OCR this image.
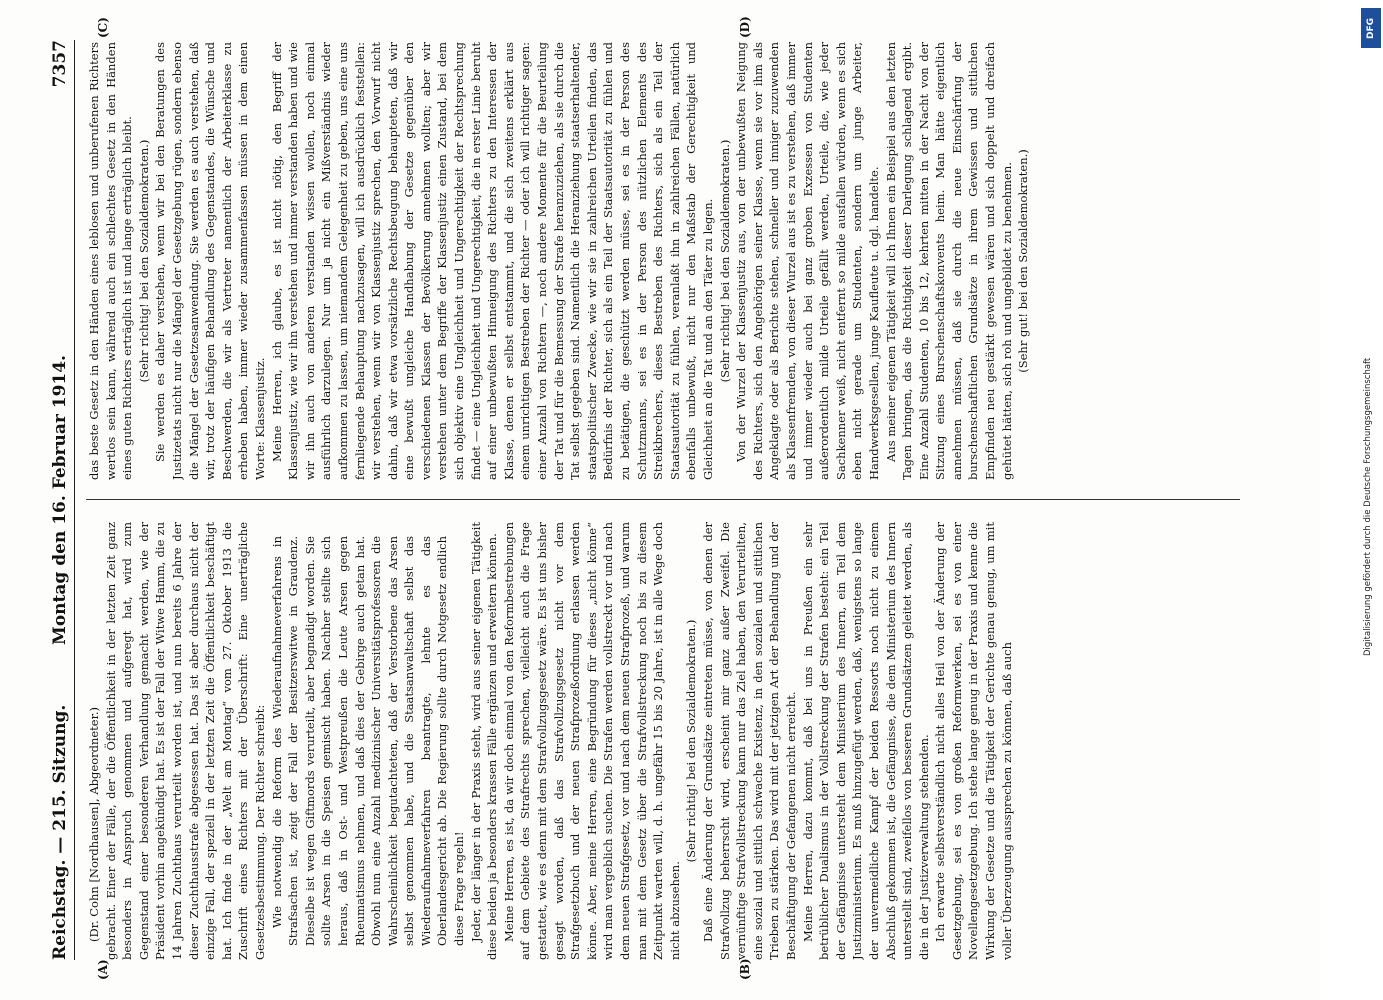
Reichstag. — 215. Sitzung.
Montag den 16. Februar 1914.
7357
(A)	(B)
(C)	(D)

(Dr. Cohn [Nordhausen], Abgeordneter.) gebracht. Einer der Fälle, der die Öffentlichkeit in der letzten Zeit ganz besonders in Anspruch genommen und aufgeregt hat, wird zum Gegenstand einer besonderen Verhandlung gemacht werden, wie der Präsident vorhin angekündigt hat. Es ist der Fall der Witwe Hamm, die zu 14 Jahren Zuchthaus verurteilt worden ist, und nun bereits 6 Jahre der dieser Zuchthausstrafe abgesessen hat. Das ist aber durchaus nicht der einzige Fall, der speziell in der letzten Zeit die Öffentlichkeit beschäftigt hat. Ich finde in der „Welt am Montag“ vom 27. Oktober 1913 die Zuschrift eines Richters mit der Überschrift: Eine unerträgliche Gesetzesbestimmung. Der Richter schreibt: Wie notwendig die Reform des Wiederaufnahmeverfahrens in Strafsachen ist, zeigt der Fall der Besitzerswitwe in Graudenz. Dieselbe ist wegen Giftmords verurteilt, aber begnadigt worden. Sie sollte Arsen in die Speisen gemischt haben. Nachher stellte sich heraus, daß in Ost- und Westpreußen die Leute Arsen gegen Rheumatismus nehmen, und daß dies der Gebirge auch getan hat. Obwohl nun eine Anzahl medizinischer Universitätsprofessoren die Wahrscheinlichkeit begutachteten, daß der Verstorbene das Arsen selbst genommen habe, und die Staatsanwaltschaft selbst das Wiederaufnahmeverfahren beantragte, lehnte es das Oberlandesgericht ab. Die Regierung sollte durch Notgesetz endlich diese Frage regeln! Jeder, der länger in der Praxis steht, wird aus seiner eigenen Tätigkeit diese beiden ja besonders krassen Fälle ergänzen und erweitern können. Meine Herren, es ist, da wir doch einmal von den Reformbestrebungen auf dem Gebiete des Strafrechts sprechen, vielleicht auch die Frage gestattet, wie es denn mit dem Strafvollzugsgesetz wäre. Es ist uns bisher gesagt worden, daß das Strafvollzugsgesetz nicht vor dem Strafgesetzbuch und der neuen Strafprozeßordnung erlassen werden könne. Aber, meine Herren, eine Begründung für dieses „nicht könne“ wird man vergeblich suchen. Die Strafen werden vollstreckt vor und nach dem neuen Strafgesetz, vor und nach dem neuen Strafprozeß, und warum man mit dem Gesetz über die Strafvollstreckung noch bis zu diesem Zeitpunkt warten will, d. h. ungefähr 15 bis 20 Jahre, ist in alle Wege doch nicht abzusehen.

(Sehr richtig! bei den Sozialdemokraten.) Daß eine Änderung der Grundsätze eintreten müsse, von denen der Strafvollzug beherrscht wird, erscheint mir ganz außer Zweifel. Die vernünftige Strafvollstreckung kann nur das Ziel haben, den Verurteilten, eine sozial und sittlich schwache Existenz, in den sozialen und sittlichen Trieben zu stärken. Das wird mit der jetzigen Art der Behandlung und der Beschäftigung der Gefangenen nicht erreicht. Meine Herren, dazu kommt, daß bei uns in Preußen ein sehr betrüblicher Dualismus in der Vollstreckung der Strafen besteht: ein Teil der Gefängnisse untersteht dem Ministerium des Innern, ein Teil dem Justizministerium. Es muß hinzugefügt werden, daß, wenigstens so lange der unvermeidliche Kampf der beiden Ressorts noch nicht zu einem Abschluß gekommen ist, die Gefängnisse, die dem Ministerium des Innern unterstellt sind, zweifellos von besseren Grundsätzen geleitet werden, als die in der Justizverwaltung stehenden. Ich erwarte selbstverständlich nicht alles Heil von der Änderung der Gesetzgebung, sei es von großen Reformwerken, sei es von einer Novellengesetzgebung. Ich stehe lange genug in der Praxis und kenne die Wirkung der Gesetze und die Tätigkeit der Gerichte genau genug, um mit voller Überzeugung aussprechen zu können, daß auch

das beste Gesetz in den Händen eines leblosen und unberufenen Richters wertlos sein kann, während auch ein schlechtes Gesetz in den Händen eines guten Richters erträglich ist und lange erträglich bleibt. (Sehr richtig! bei den Sozialdemokraten.) Sie werden es daher verstehen, wenn wir bei den Beratungen des Justizetats nicht nur die Mängel der Gesetzgebung rügen, sondern ebenso die Mängel der Gesetzesanwendung. Sie werden es auch verstehen, daß wir, trotz der häufigen Behandlung des Gegenstandes, die Wünsche und Beschwerden, die wir als Vertreter namentlich der Arbeiterklasse zu erheben haben, immer wieder zusammenfassen müssen in dem einen Worte: Klassenjustiz. Meine Herren, ich glaube, es ist nicht nötig, den Begriff der Klassenjustiz, wie wir ihn verstehen und immer verstanden haben und wie wir ihn auch von anderen verstanden wissen wollen, noch einmal ausführlich darzulegen. Nur um ja nicht ein Mißverständnis wieder aufkommen zu lassen, um niemandem Gelegenheit zu geben, uns eine uns fernliegende Behauptung nachzusagen, will ich ausdrücklich feststellen: wir verstehen, wenn wir von Klassenjustiz sprechen, den Vorwurf nicht dahin, daß wir etwa vorsätzliche Rechtsbeugung behaupteten, daß wir eine bewußt ungleiche Handhabung der Gesetze gegenüber den verschiedenen Klassen der Bevölkerung annehmen wollten; aber wir verstehen unter dem Begriffe der Klassenjustiz einen Zustand, bei dem sich objektiv eine Ungleichheit und Ungerechtigkeit der Rechtsprechung findet — eine Ungleichheit und Ungerechtigkeit, die in erster Linie beruht auf einer unbewußten Hinneigung des Richters zu den Interessen der Klasse, denen er selbst entstammt, und die sich zweitens erklärt aus einem unrichtigen Bestreben der Richter — oder ich will richtiger sagen: einer Anzahl von Richtern —, noch andere Momente für die Beurteilung der Tat und für die Bemessung der Strafe heranzuziehen, als sie durch die Tat selbst gegeben sind. Namentlich die Heranziehung staatserhaltender, staatspolitischer Zwecke, wie wir sie in zahlreichen Urteilen finden, das Bedürfnis der Richter, sich als ein Teil der Staatsautorität zu fühlen und zu betätigen, die geschützt werden müsse, sei es in der Person des Schutzmanns, sei es in der Person des nützlichen Elements des Streikbrechers, dieses Bestreben des Richters, sich als ein Teil der Staatsautorität zu fühlen, veranlaßt ihn in zahlreichen Fällen, natürlich ebenfalls unbewußt, nicht nur den Maßstab der Gerechtigkeit und Gleichheit an die Tat und an den Täter zu legen. (Sehr richtig! bei den Sozialdemokraten.) Von der Wurzel der Klassenjustiz aus, von der unbewußten Neigung des Richters, sich den Angehörigen seiner Klasse, wenn sie vor ihm als Angeklagte oder als Berichte stehen, schneller und inniger zuzuwenden als Klassenfremden, von dieser Wurzel aus ist es zu verstehen, daß immer und immer wieder auch bei ganz groben Exzessen von Studenten außerordentlich milde Urteile gefällt werden, Urteile, die, wie jeder Sachkenner weiß, nicht entfernt so milde ausfallen würden, wenn es sich eben nicht gerade um Studenten, sondern um junge Arbeiter, Handwerksgesellen, junge Kaufleute u. dgl. handelte. Aus meiner eigenen Tätigkeit will ich Ihnen ein Beispiel aus den letzten Tagen bringen, das die Richtigkeit dieser Darlegung schlagend ergibt. Eine Anzahl Studenten, 10 bis 12, kehrten mitten in der Nacht von der Sitzung eines Burschenschaftskonvents heim. Man hätte eigentlich annehmen müssen, daß sie durch die neue Einschärfung der burschenschaftlichen Grundsätze in ihrem Gewissen und sittlichen Empfinden neu gestärkt gewesen wären und sich doppelt und dreifach gehütet hätten, sich roh und ungebildet zu benehmen. (Sehr gut! bei den Sozialdemokraten.)

DFG
Digitalisierung gefördert durch die Deutsche Forschungsgemeinschaft
